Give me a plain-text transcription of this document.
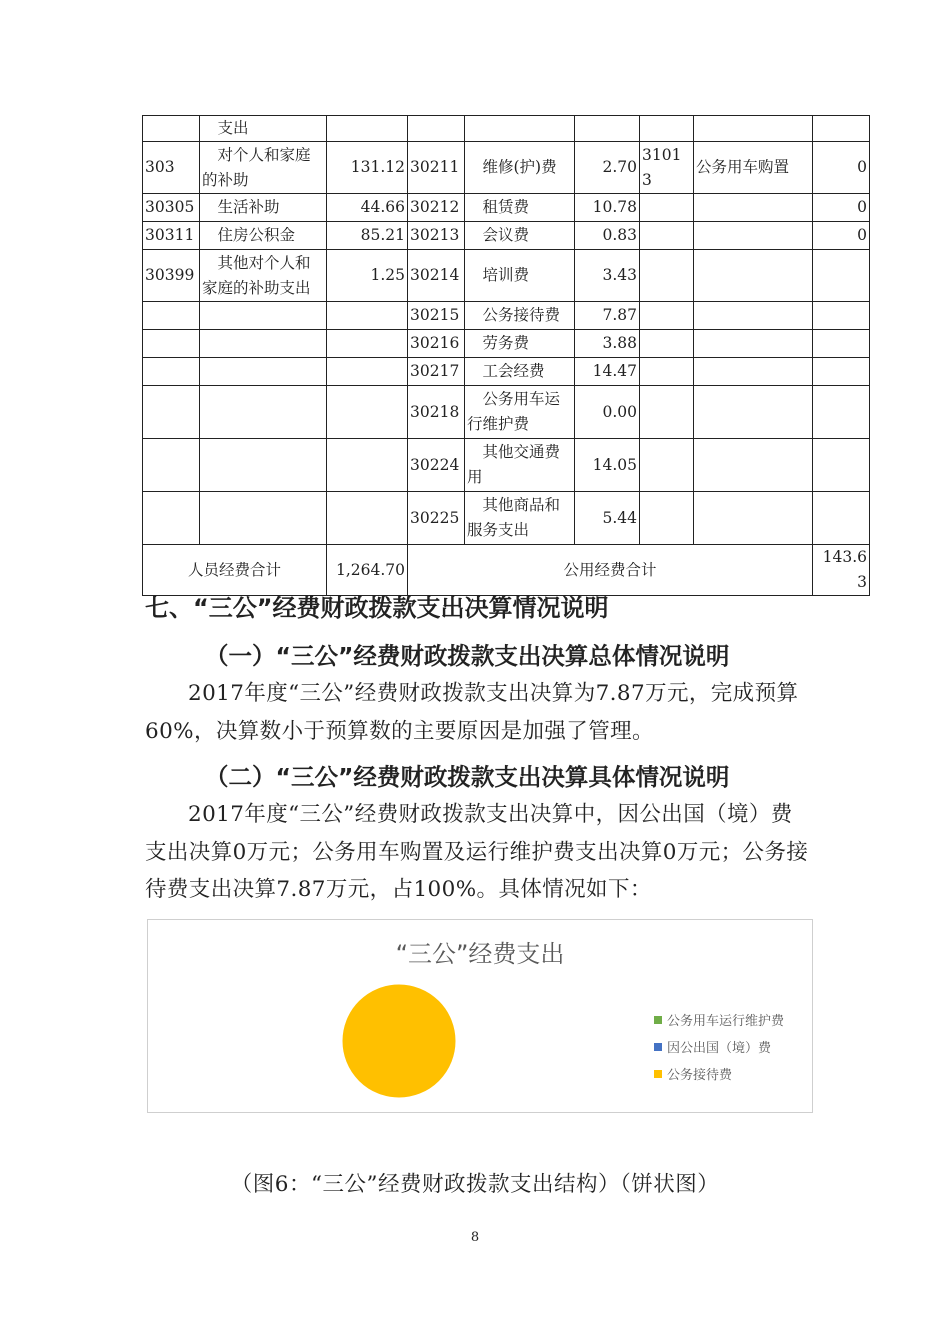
	支出							
303	对个人和家庭的补助	131.12	30211	维修(护)费	2.70	31013	公务用车购置	0
30305	生活补助	44.66	30212	租赁费	10.78			0
30311	住房公积金	85.21	30213	会议费	0.83			0
30399	其他对个人和家庭的补助支出	1.25	30214	培训费	3.43			
			30215	公务接待费	7.87			
			30216	劳务费	3.88			
			30217	工会经费	14.47			
			30218	公务用车运行维护费	0.00			
			30224	其他交通费用	14.05			
			30225	其他商品和服务支出	5.44			
人员经费合计		1,264.70	公用经费合计					143.63
七、“三公”经费财政拨款支出决算情况说明
（一）“三公”经费财政拨款支出决算总体情况说明
2017年度“三公”经费财政拨款支出决算为7.87万元，完成预算60%，决算数小于预算数的主要原因是加强了管理。
（二）“三公”经费财政拨款支出决算具体情况说明
2017年度“三公”经费财政拨款支出决算中，因公出国（境）费支出决算0万元；公务用车购置及运行维护费支出决算0万元；公务接待费支出决算7.87万元，占100%。具体情况如下：
“三公”经费支出
公务用车运行维护费
因公出国（境）费
公务接待费
（图6：“三公”经费财政拨款支出结构）（饼状图）
8
